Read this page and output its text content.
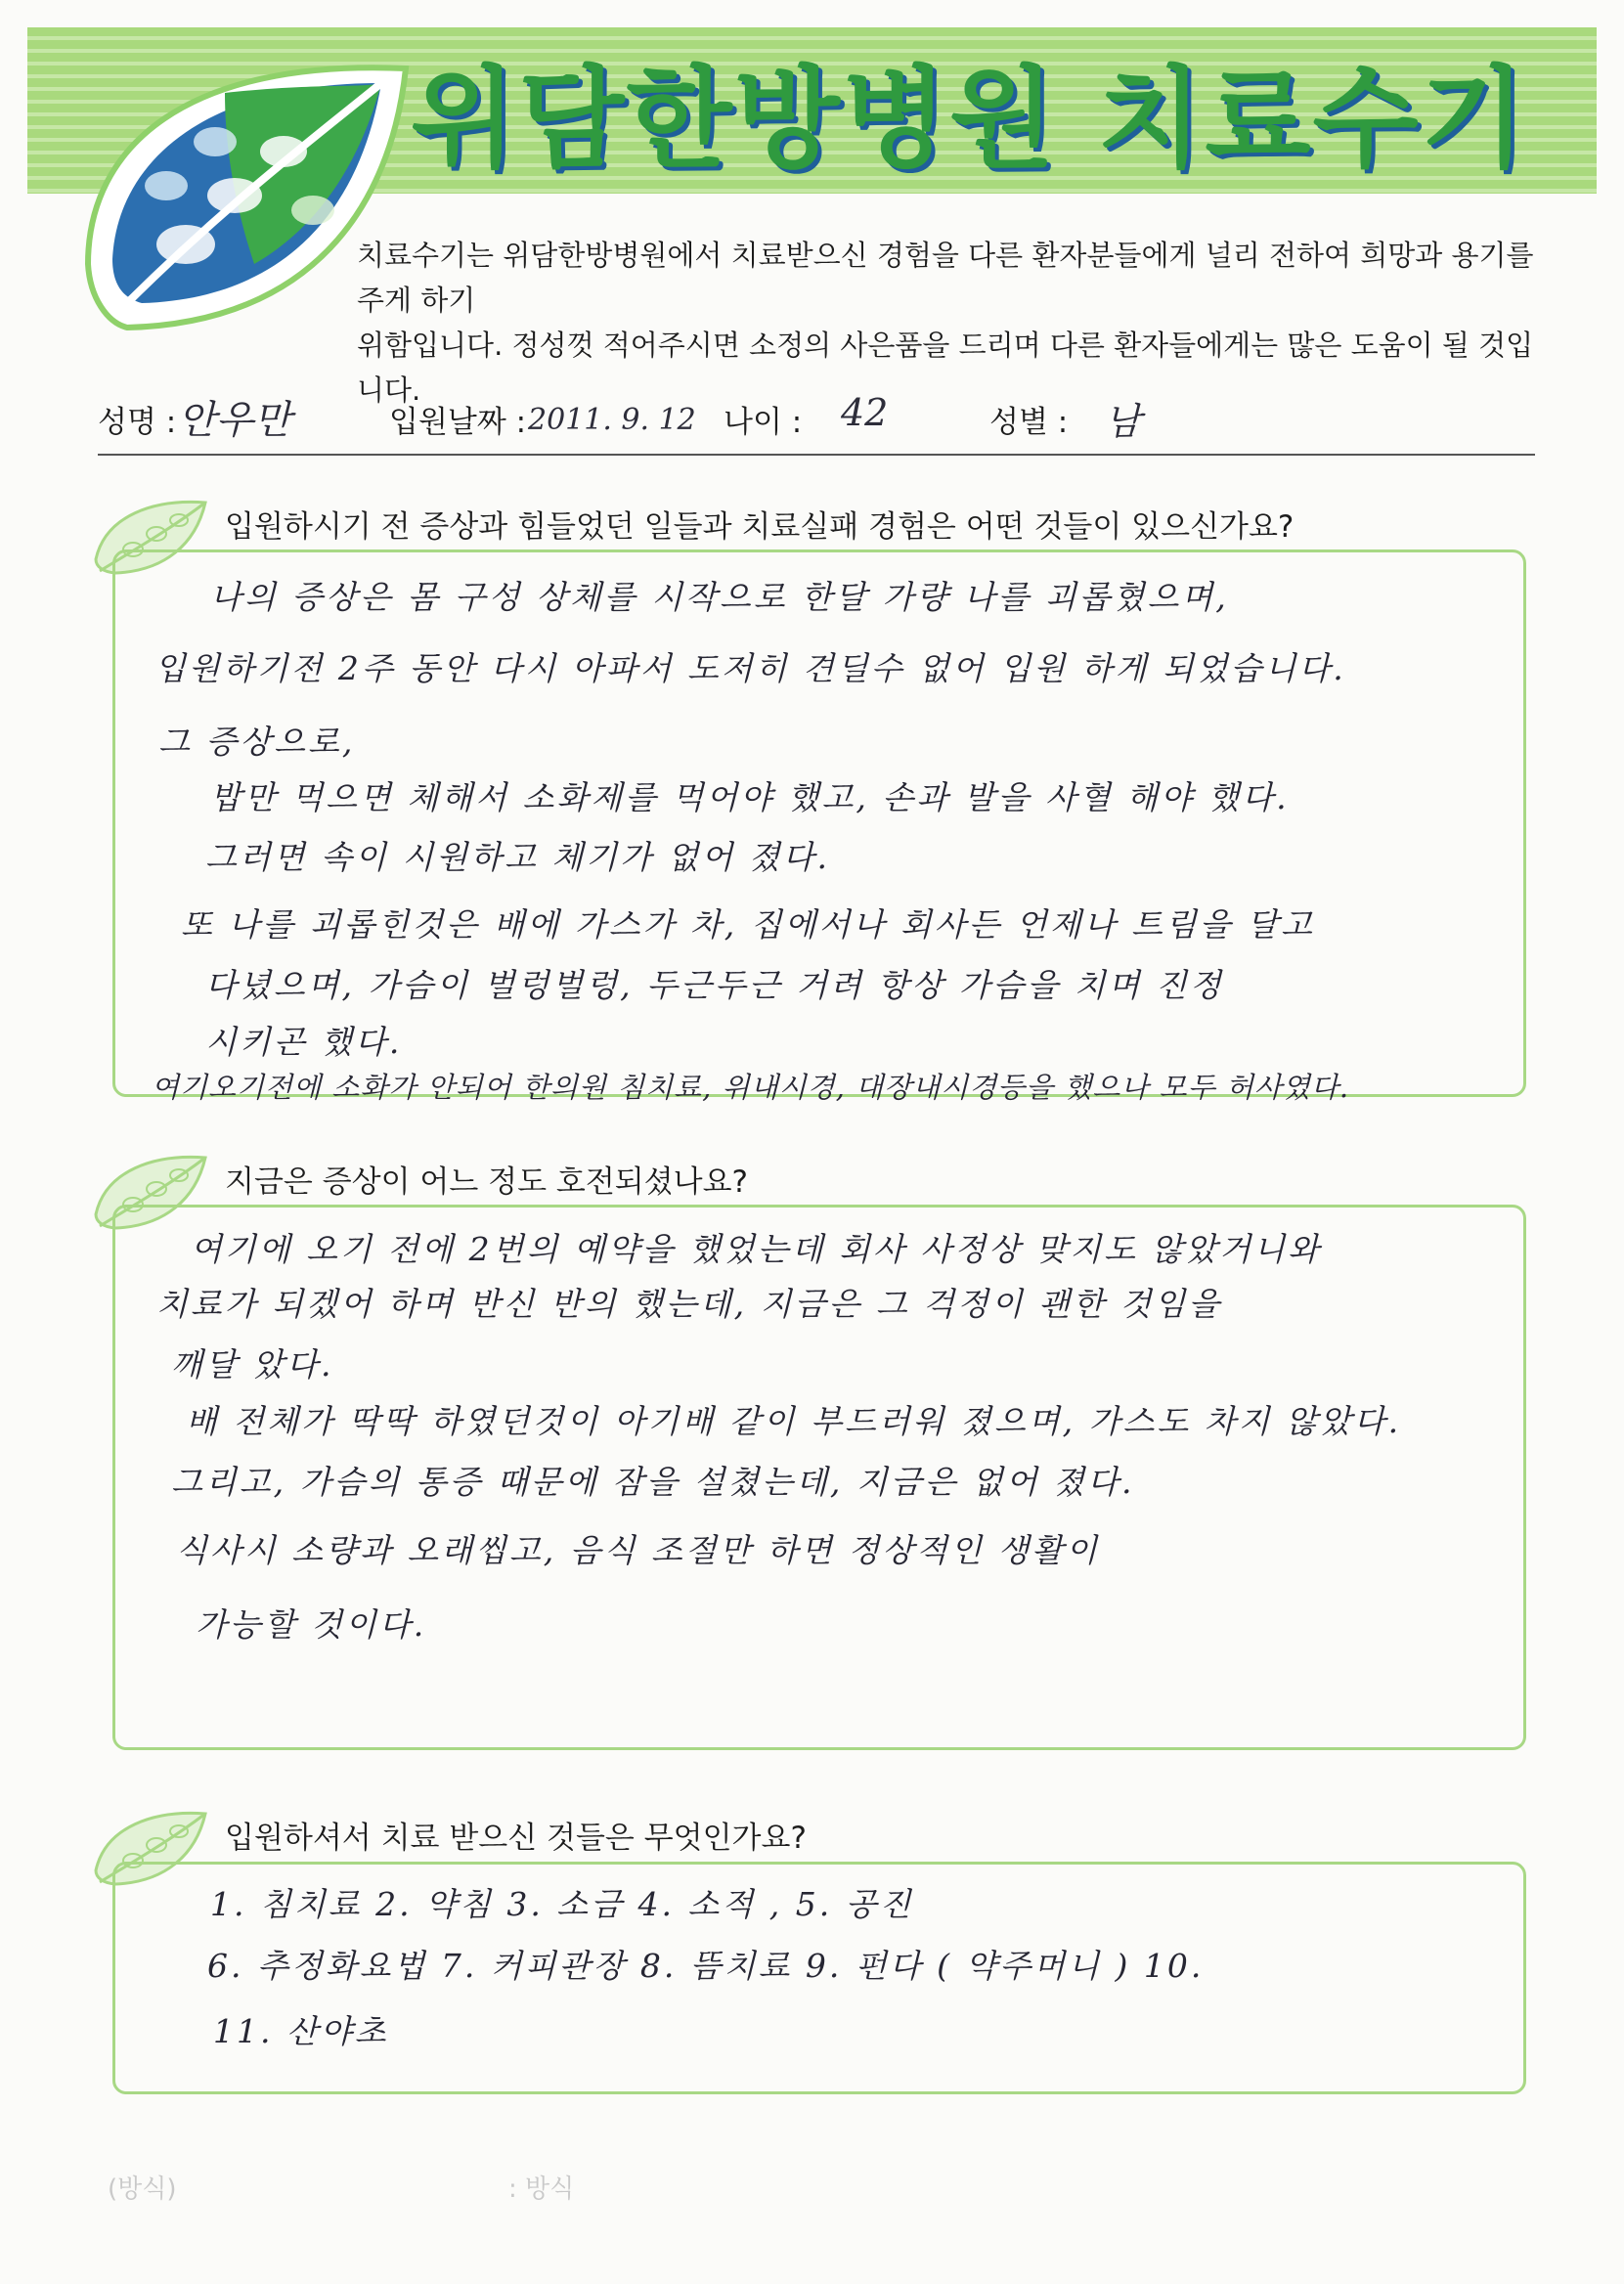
위담한방병원 치료수기
치료수기는 위담한방병원에서 치료받으신 경험을 다른 환자분들에게 널리 전하여 희망과 용기를 주게 하기
위함입니다. 정성껏 적어주시면 소정의 사은품을 드리며 다른 환자들에게는 많은 도움이 될 것입니다.
성명 : 안우만	입원날짜 : 2011. 9. 12 나이 : 42	성별 : 남
입원하시기 전 증상과 힘들었던 일들과 치료실패 경험은 어떤 것들이 있으신가요?
나의 증상은 몸 구성 상체를 시작으로 한달 가량 나를 괴롭혔으며,
입원하기전 2주 동안 다시 아파서 도저히 견딜수 없어 입원 하게 되었습니다.
그 증상으로,
밥만 먹으면 체해서 소화제를 먹어야 했고, 손과 발을 사혈 해야 했다.
그러면 속이 시원하고 체기가 없어 졌다.
또 나를 괴롭힌것은 배에 가스가 차, 집에서나 회사든 언제나 트림을 달고
다녔으며, 가슴이 벌렁벌렁, 두근두근 거려 항상 가슴을 치며 진정
시키곤 했다.
여기오기전에 소화가 안되어 한의원 침치료, 위내시경, 대장내시경등을 했으나 모두 허사였다.
지금은 증상이 어느 정도 호전되셨나요?
여기에 오기 전에 2번의 예약을 했었는데 회사 사정상 맞지도 않았거니와
치료가 되겠어 하며 반신 반의 했는데, 지금은 그 걱정이 괜한 것임을
깨달 았다.
배 전체가 딱딱 하였던것이 아기배 같이 부드러워 졌으며, 가스도 차지 않았다.
그리고, 가슴의 통증 때문에 잠을 설쳤는데, 지금은 없어 졌다.
식사시 소량과 오래씹고, 음식 조절만 하면 정상적인 생활이
가능할 것이다.
입원하셔서 치료 받으신 것들은 무엇인가요?
1. 침치료 2. 약침 3. 소금 4. 소적 , 5. 공진
6. 추정화요법 7. 커피관장 8. 뜸치료 9. 펀다 ( 약주머니 ) 10.
11. 산야초
(방식)	: 방식
